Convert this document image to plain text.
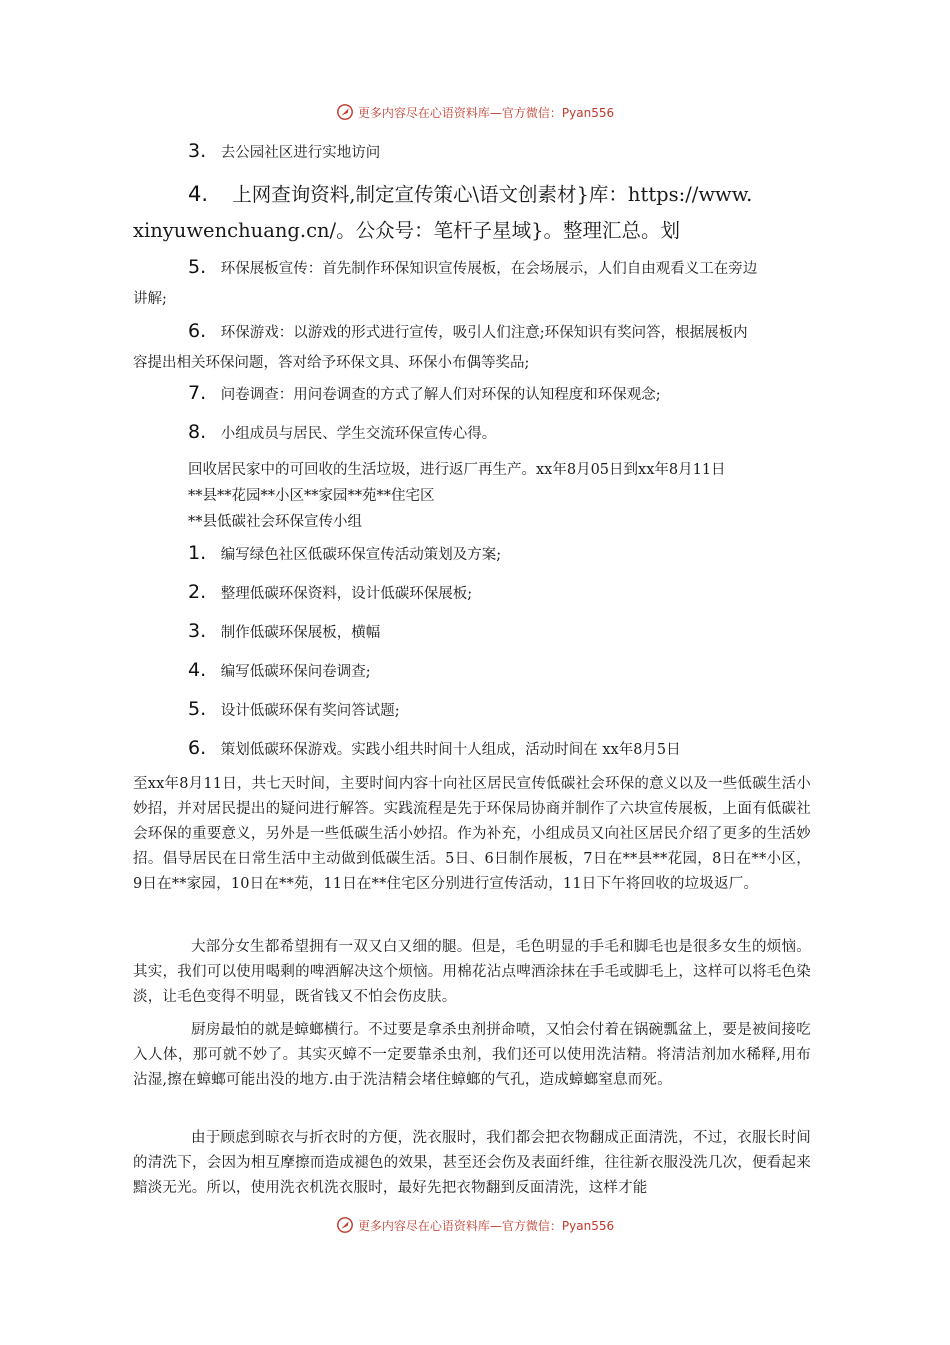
更多内容尽在心语资料库—官方微信：Pyan556
3. 去公园社区进行实地访问
4. 上网查询资料,制定宣传策心\语文创素材}库：https://www.
xinyuwenchuang.cn/。公众号：笔杆子星域}。整理汇总。划
5. 环保展板宣传：首先制作环保知识宣传展板，在会场展示，人们自由观看义工在旁边
讲解;
6. 环保游戏：以游戏的形式进行宣传，吸引人们注意;环保知识有奖问答，根据展板内
容提出相关环保问题，答对给予环保文具、环保小布偶等奖品;
7. 问卷调查：用问卷调查的方式了解人们对环保的认知程度和环保观念;
8. 小组成员与居民、学生交流环保宣传心得。
回收居民家中的可回收的生活垃圾，进行返厂再生产。xx年8月05日到xx年8月11日
**县**花园**小区**家园**苑**住宅区
**县低碳社会环保宣传小组
1. 编写绿色社区低碳环保宣传活动策划及方案;
2. 整理低碳环保资料，设计低碳环保展板;
3. 制作低碳环保展板，横幅
4. 编写低碳环保问卷调查;
5. 设计低碳环保有奖问答试题;
6. 策划低碳环保游戏。实践小组共时间十人组成，活动时间在 xx年8月5日
至xx年8月11日，共七天时间，主要时间内容十向社区居民宣传低碳社会环保的意义以及一些低碳生活小妙招，并对居民提出的疑问进行解答。实践流程是先于环保局协商并制作了六块宣传展板，上面有低碳社会环保的重要意义，另外是一些低碳生活小妙招。作为补充，小组成员又向社区居民介绍了更多的生活妙招。倡导居民在日常生活中主动做到低碳生活。5日、6日制作展板，7日在**县**花园，8日在**小区，9日在**家园，10日在**苑，11日在**住宅区分别进行宣传活动，11日下午将回收的垃圾返厂。
大部分女生都希望拥有一双又白又细的腿。但是，毛色明显的手毛和脚毛也是很多女生的烦恼。其实，我们可以使用喝剩的啤酒解决这个烦恼。用棉花沾点啤酒涂抹在手毛或脚毛上，这样可以将毛色染淡，让毛色变得不明显，既省钱又不怕会伤皮肤。
厨房最怕的就是蟑螂横行。不过要是拿杀虫剂拼命喷，又怕会付着在锅碗瓢盆上，要是被间接吃入人体，那可就不妙了。其实灭蟑不一定要靠杀虫剂，我们还可以使用洗洁精。将清洁剂加水稀释,用布沾湿,擦在蟑螂可能出没的地方.由于洗洁精会堵住蟑螂的气孔，造成蟑螂窒息而死。
由于顾虑到晾衣与折衣时的方便，洗衣服时，我们都会把衣物翻成正面清洗，不过，衣服长时间的清洗下，会因为相互摩擦而造成褪色的效果，甚至还会伤及表面纤维，往往新衣服没洗几次，便看起来黯淡无光。所以，使用洗衣机洗衣服时，最好先把衣物翻到反面清洗，这样才能
更多内容尽在心语资料库—官方微信：Pyan556
